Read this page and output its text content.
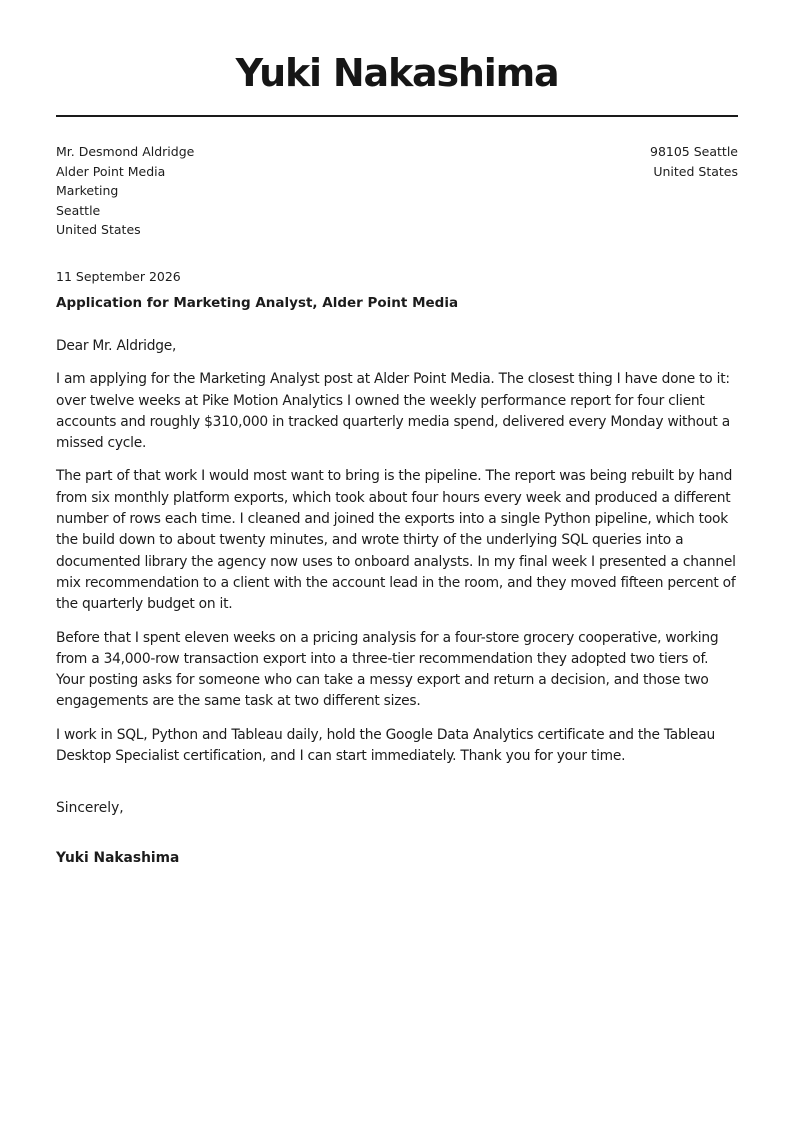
Yuki Nakashima
Mr. Desmond Aldridge
Alder Point Media
Marketing
Seattle
United States
98105 Seattle
United States
11 September 2026
Application for Marketing Analyst, Alder Point Media

Dear Mr. Aldridge,

I am applying for the Marketing Analyst post at Alder Point Media. The closest thing I have done to it: over twelve weeks at Pike Motion Analytics I owned the weekly performance report for four client accounts and roughly $310,000 in tracked quarterly media spend, delivered every Monday without a missed cycle.

The part of that work I would most want to bring is the pipeline. The report was being rebuilt by hand from six monthly platform exports, which took about four hours every week and produced a different number of rows each time. I cleaned and joined the exports into a single Python pipeline, which took the build down to about twenty minutes, and wrote thirty of the underlying SQL queries into a documented library the agency now uses to onboard analysts. In my final week I presented a channel mix recommendation to a client with the account lead in the room, and they moved fifteen percent of the quarterly budget on it.

Before that I spent eleven weeks on a pricing analysis for a four-store grocery cooperative, working from a 34,000-row transaction export into a three-tier recommendation they adopted two tiers of. Your posting asks for someone who can take a messy export and return a decision, and those two engagements are the same task at two different sizes.

I work in SQL, Python and Tableau daily, hold the Google Data Analytics certificate and the Tableau Desktop Specialist certification, and I can start immediately. Thank you for your time.

Sincerely,
Yuki Nakashima
